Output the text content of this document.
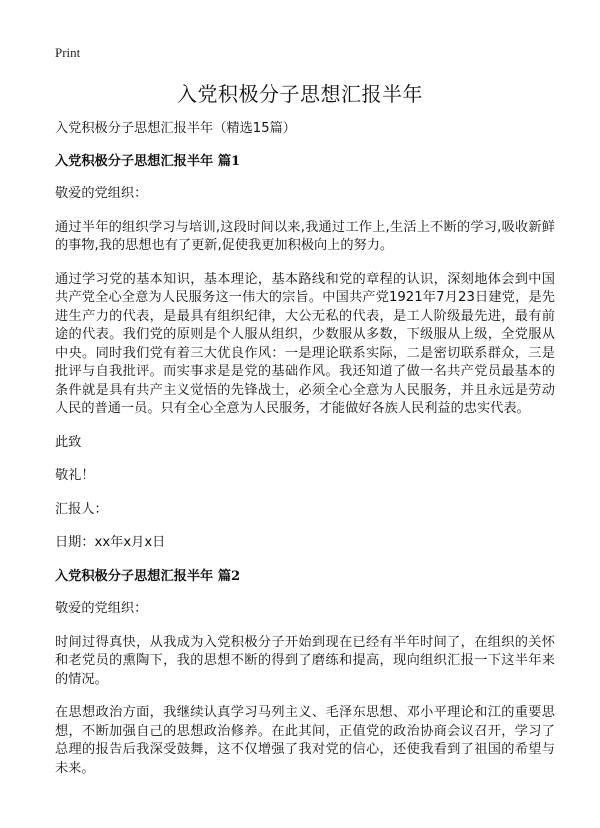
Print
入党积极分子思想汇报半年

入党积极分子思想汇报半年（精选15篇）

入党积极分子思想汇报半年 篇1

敬爱的党组织：

通过半年的组织学习与培训,这段时间以来,我通过工作上,生活上不断的学习,吸收新鲜的事物,我的思想也有了更新,促使我更加积极向上的努力。

通过学习党的基本知识，基本理论，基本路线和党的章程的认识，深刻地体会到中国共产党全心全意为人民服务这一伟大的宗旨。中国共产党1921年7月23日建党，是先进生产力的代表，是最具有组织纪律，大公无私的代表，是工人阶级最先进，最有前途的代表。我们党的原则是个人服从组织，少数服从多数，下级服从上级，全党服从中央。同时我们党有着三大优良作风：一是理论联系实际，二是密切联系群众，三是批评与自我批评。而实事求是是党的基础作风。我还知道了做一名共产党员最基本的条件就是具有共产主义觉悟的先锋战士，必须全心全意为人民服务，并且永远是劳动人民的普通一员。只有全心全意为人民服务，才能做好各族人民利益的忠实代表。

此致

敬礼！

汇报人：

日期：xx年x月x日

入党积极分子思想汇报半年 篇2

敬爱的党组织：

时间过得真快，从我成为入党积极分子开始到现在已经有半年时间了，在组织的关怀和老党员的熏陶下，我的思想不断的得到了磨练和提高，现向组织汇报一下这半年来的情况。

在思想政治方面，我继续认真学习马列主义、毛泽东思想、邓小平理论和江的重要思想，不断加强自己的思想政治修养。在此其间，正值党的政治协商会议召开，学习了总理的报告后我深受鼓舞，这不仅增强了我对党的信心，还使我看到了祖国的希望与未来。
